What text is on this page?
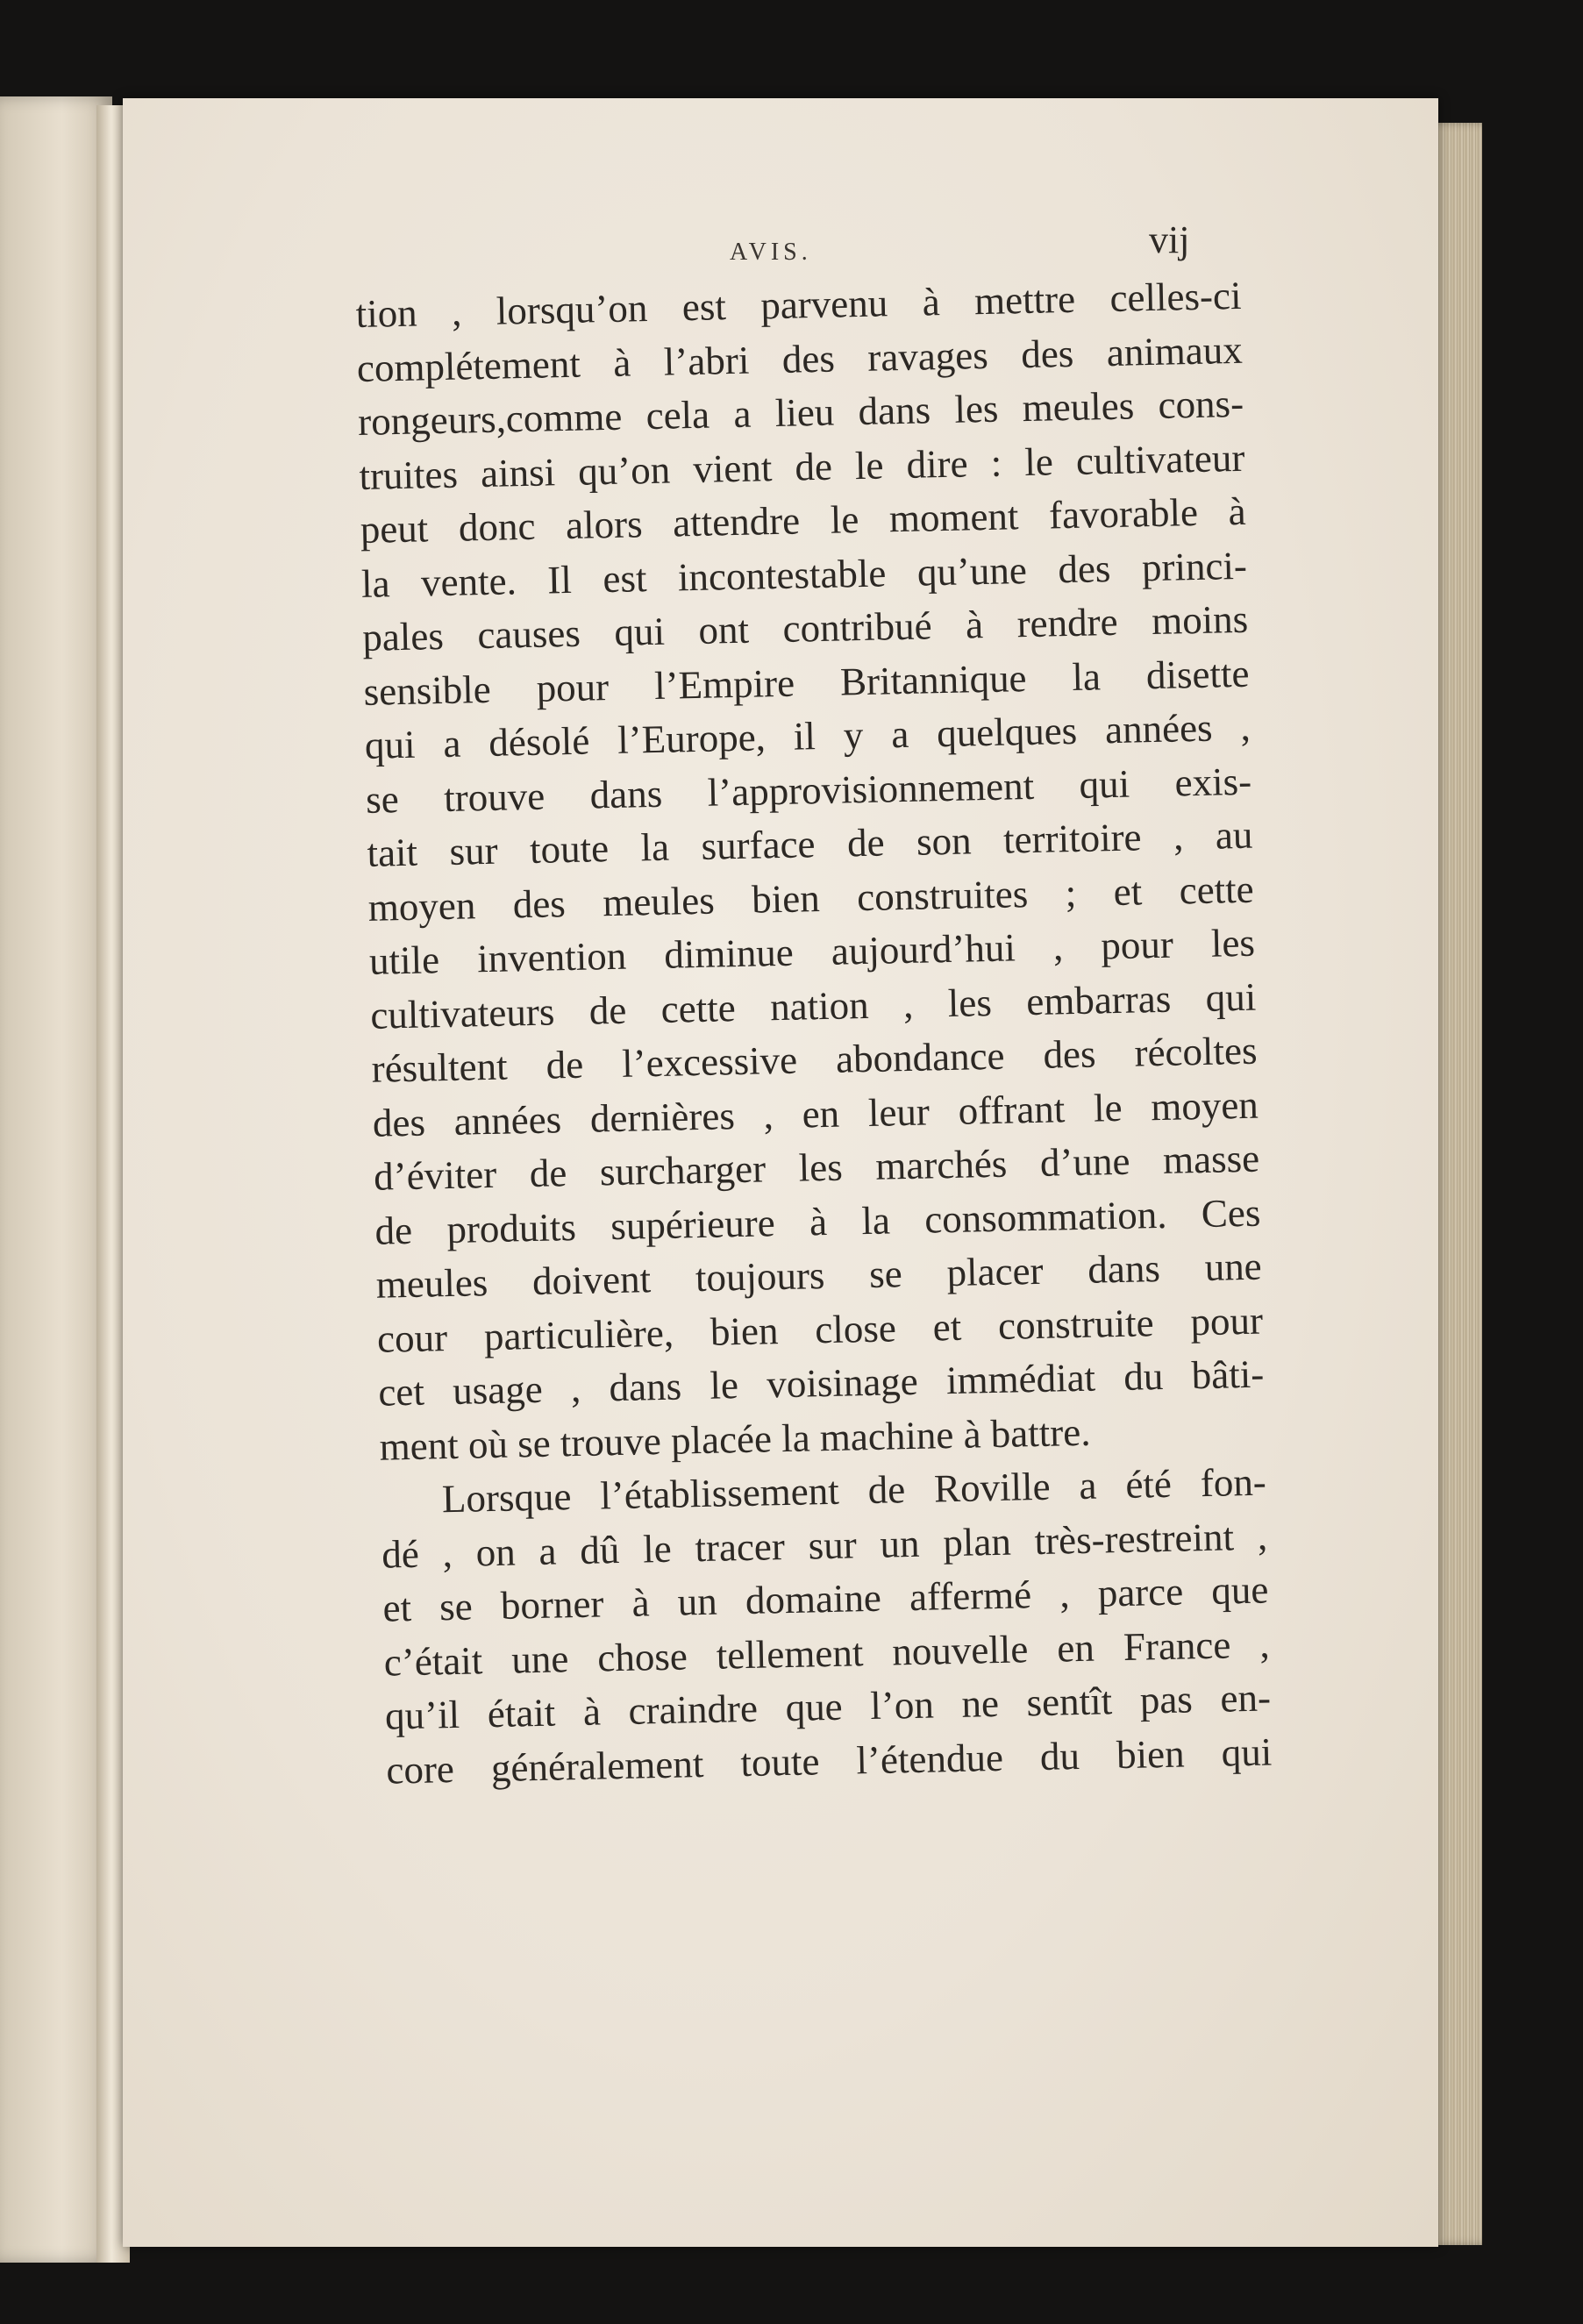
AVIS.	vij
tion , lorsqu’on est parvenu à mettre celles-ci
complétement à l’abri des ravages des animaux
rongeurs,comme cela a lieu dans les meules cons-
truites ainsi qu’on vient de le dire : le cultivateur
peut donc alors attendre le moment favorable à
la vente. Il est incontestable qu’une des princi-
pales causes qui ont contribué à rendre moins
sensible pour l’Empire Britannique la disette
qui a désolé l’Europe, il y a quelques années ,
se trouve dans l’approvisionnement qui exis-
tait sur toute la surface de son territoire , au
moyen des meules bien construites ; et cette
utile invention diminue aujourd’hui , pour les
cultivateurs de cette nation , les embarras qui
résultent de l’excessive abondance des récoltes
des années dernières , en leur offrant le moyen
d’éviter de surcharger les marchés d’une masse
de produits supérieure à la consommation. Ces
meules doivent toujours se placer dans une
cour particulière, bien close et construite pour
cet usage , dans le voisinage immédiat du bâti-
ment où se trouve placée la machine à battre.
Lorsque l’établissement de Roville a été fon-
dé , on a dû le tracer sur un plan très-restreint ,
et se borner à un domaine affermé , parce que
c’était une chose tellement nouvelle en France ,
qu’il était à craindre que l’on ne sentît pas en-
core généralement toute l’étendue du bien qui
